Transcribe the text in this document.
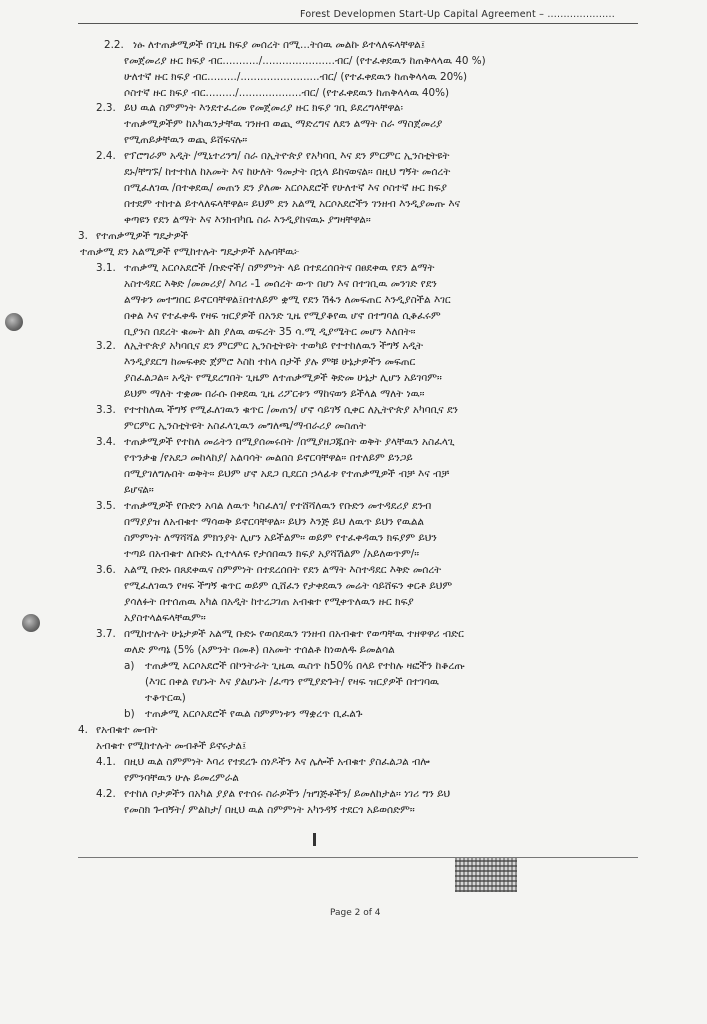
Forest Developmen Start-Up Capital Agreement – .....................
2.2. ነፁ ለተጠቃሚዎች በጊዜ ክፍያ መሰረት በሚ...ትሰዉ መልኩ ይተላለፍላቸዋል፤
የመጀመሪያ ዙር ክፍያ ብር.........../......................ብር/ (የተፈቀደዉን ከጠቅላላዉ 40 %)
ሁለተኛ ዙር ክፍያ ብር........./........................ብር/ (የተፈቀደዉን ከጠቅላላዉ 20%)
ሶስተኛ ዙር ክፍያ ብር........./...................ብር/ (የተፈቀደዉን ከጠቅላላዉ 40%)
2.3. ይህ ዉል ስምምነት እንደተፈረመ የመጀመሪያ ዙር ክፍያ ገቢ ይደረግላቸዋል፡
ተጠቃሚዎችም ከአካዉንታቸዉ ገንዘብ ወጪ ማድረግና ለደን ልማት ስራ ማስጀመሪያ
የሚጠይቃቸዉን ወጪ ይሸፍናሉ።
2.4. የፕሮግራም አዲት /ሚኒተሪንግ/ ስራ በኢትዮጵያ የአካባቢ እና ደን ምርምር ኢንስቲትዩት
ደኑ/ቸግኙ/ ከተተከለ ከአመት እና ከሁለት ዓመታት በኋላ ይከናወናል። በዚህ ግኝት መሰረት
በሚፈለገዉ /በተቀደዉ/ መጠን ደን ያለሙ አርሶአደሮች የሁለተኛ እና ሶስተኛ ዙር ክፍያ
በተደም ተከተል ይተላለፍላቸዋል። ይህም ደን አልሚ አርሶአደሮችን ገንዘብ እንዲያመጡ እና
ቀጣዩን የደን ልማት እና እንክብካቤ ስራ እንዲያከናዉኑ ያግዛቸዋል።
3. የተጠቃሚዎች ግዴታዎች
ተጠቃሚ ደን አልሚዎች የሚከተሉት ግዴታዎች አሉባቸዉ፦
3.1. ተጠቃሚ አርሶአደሮች /ቡድኖች/ ስምምነት ላይ በተደረሰበትና በፀደቀዉ የደን ልማት
አስተዳደር እቅድ /መመሪያ/ እባሪ -1 መሰረት ውጥ በሆነ እና በተገቢዉ መንገድ የደን
ልማቱን መተግበር ይኖርባቸዋል፤በተለይም ቋሚ የደን ሽፋን ለመፍጠር እንዲያስችል እገር
በቀል እና የተፈቀዱ የዛፍ ዝርያዎች በአንድ ጊዜ የሚያቆየዉ ሆኖ በተግባል ሲቆፈሩም
ቢያንስ በደረት ቁመት ልክ ያለዉ ወፍረት 35 ሳ.ሚ ዲያሜትር መሆን እለበት።
3.2. ለኢትዮጵያ አካባቢና ደን ምርምር ኢንስቲትዩት ተወካይ የተተከለዉን ችግኝ አዲት
እንዲያደርግ ከመፍቀድ ጀምሮ እስከ ተከላ በታች ያሉ ምቹ ሁኔታዎችን መፍጠር
ያስፈልጋል። አዲት የሚደረግበት ጊዜም ለተጠቃሚዎች ቅድመ ሁኔታ ሊሆን አይገባም።
ይህም ማለት ተቋሙ በራሱ በቀደዉ ጊዜ ሪፖርቱን ማከናወን ይችላል ማለት ነዉ።
3.3. የተተከለዉ ችግኝ የሚፈለገዉን ቁጥር /መጠን/ ሆኖ ሳይገኝ ሲቀር ለኢትዮጵያ አካባቢና ደን
ምርምር ኢንስቲትዩት አስፈላጊዉን መግለጫ/ማብራሪያ መስጠት
3.4. ተጠቃሚዎች የተከለ መሬትን በሚያሰመሩበት /በሚያዘጋጁበት ወቅት ያላቸዉን አስፈላጊ
የጥንቃቄ /የአደጋ መከላከያ/ አልባሳት መልበስ ይኖርባቸዋል። በተለይም ይንጋይ
በሚያገለግሉበት ወቅት። ይህም ሆኖ አደጋ ቢደርስ ኃላፊቱ የተጠቃሚዎች ብቻ እና ብቻ
ይሆናል።
3.5. ተጠቃሚዎች የቡድን አባል ለዉጥ ካስፈለገ/ የተሸሻለዉን የቡድን መተዳደሪያ ደንብ
በማያያዝ ለአብቁተ ማሳወቅ ይኖርባቸዋል። ይህን እንጅ ይህ ለዉጥ ይህን የዉልል
ስምምነት ለማሻሻል ምክንያት ሊሆን አይችልም። ወይም የተፈቀዳዉን ክፍያም ይህን
ተጣይ በአብቁተ ለቡድኑ ሲተላለፍ የታሰበዉን ክፍያ አያሻሽልም /አይለወጥም/።
3.6. አልሚ ቡድኑ በጸደቀዉና ስምምነት በተደረሰበት የደን ልማት እስተዳደር እቅድ መሰረት
የሚፈለገዉን የዛፍ ችግኝ ቁጥር ወይም ሲሸፈን የታቀደዉን መሬት ሳይሸፍን ቀርቶ ይህም
ያሳለፉት በተሰጠዉ አካል በአዲት ከተረጋገጠ አብቁተ የሚቀጥለዉን ዙር ክፍያ
አያስተላልፍላቸዉም።
3.7. በሚከተሉት ሁኔታዎች አልሚ ቡድኑ የወሰደዉን ገንዘብ በአብቁተ የወጣቸዉ ተዘዋዋሪ ብድር
ወለድ ምጣኔ (5% (አምንት በመቶ) በአመት ተሰልቶ ከነወለዱ ይመልሳል
a) ተጠቃሚ አርሶአደሮች በኮንትራት ጊዜዉ ዉስጥ ከ50% በላይ የተከሉ ዛፎችን ከቆረጡ
(እገር በቀል የሆኑት እና ያልሆኑት /ፈጣን የሚያድጉት/ የዛፍ ዝርያዎች በተገባዉ
ተቆጥርዉ)
b) ተጠቃሚ አርሶአደሮች የዉል ስምምነቱን ማቋረጥ ቢፈልጉ
4. የአብቁተ መብት
አብቁተ የሚከተሉት መብቶች ይኖሩታል፤
4.1. በዚህ ዉል ስምምነት እባሪ የተደረጉ ሰነዶችን እና ሌሎች አብቁተ ያስፈልጋል ብሎ
የምንባቸዉን ሁሉ ይመረምራል
4.2. የተከለ ቦታዎችን በአካል ያያል የተሰሩ ስራዎችን /ዝግጅቶችን/ ይመለከታል። ነገሪ ግን ይህ
የመስክ ጉብኝት/ ምልከታ/ በዚህ ዉል ስምምነት አካንዳኝ ተደርጎ አይወሰድም።
Page 2 of 4
